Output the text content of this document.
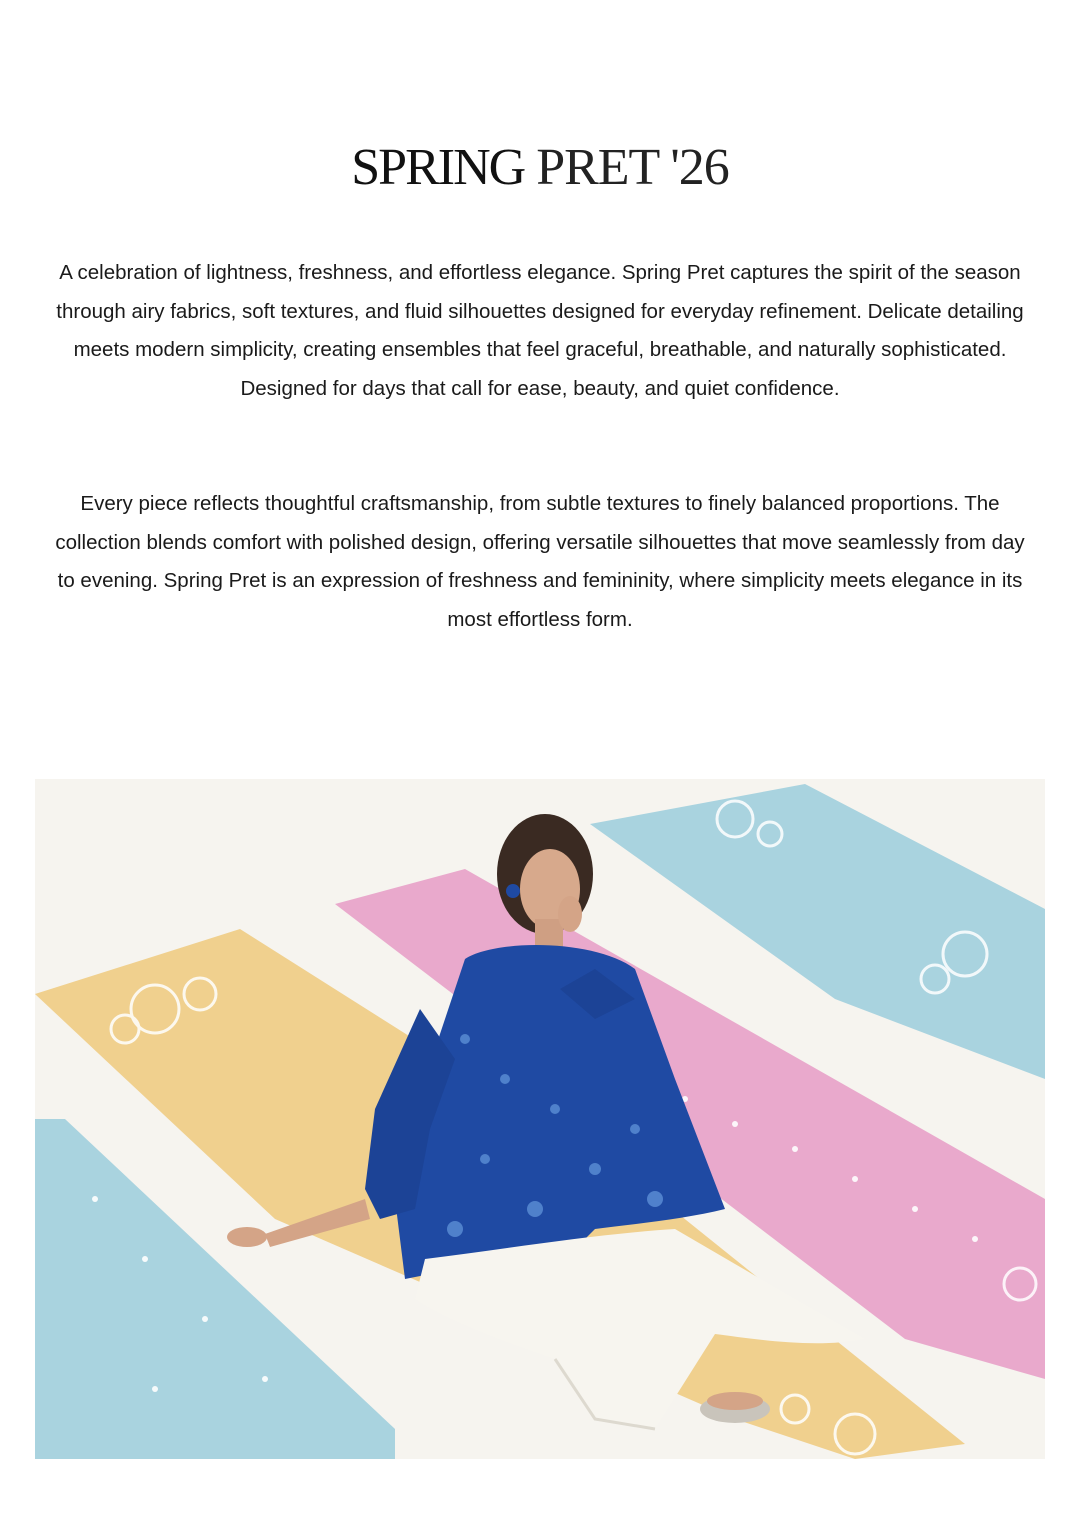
SPRING PRET '26

A celebration of lightness, freshness, and effortless elegance. Spring Pret captures the spirit of the season through airy fabrics, soft textures, and fluid silhouettes designed for everyday refinement. Delicate detailing meets modern simplicity, creating ensembles that feel graceful, breathable, and naturally sophisticated. Designed for days that call for ease, beauty, and quiet confidence.

Every piece reflects thoughtful craftsmanship, from subtle textures to finely balanced proportions. The collection blends comfort with polished design, offering versatile silhouettes that move seamlessly from day to evening. Spring Pret is an expression of freshness and femininity, where simplicity meets elegance in its most effortless form.
